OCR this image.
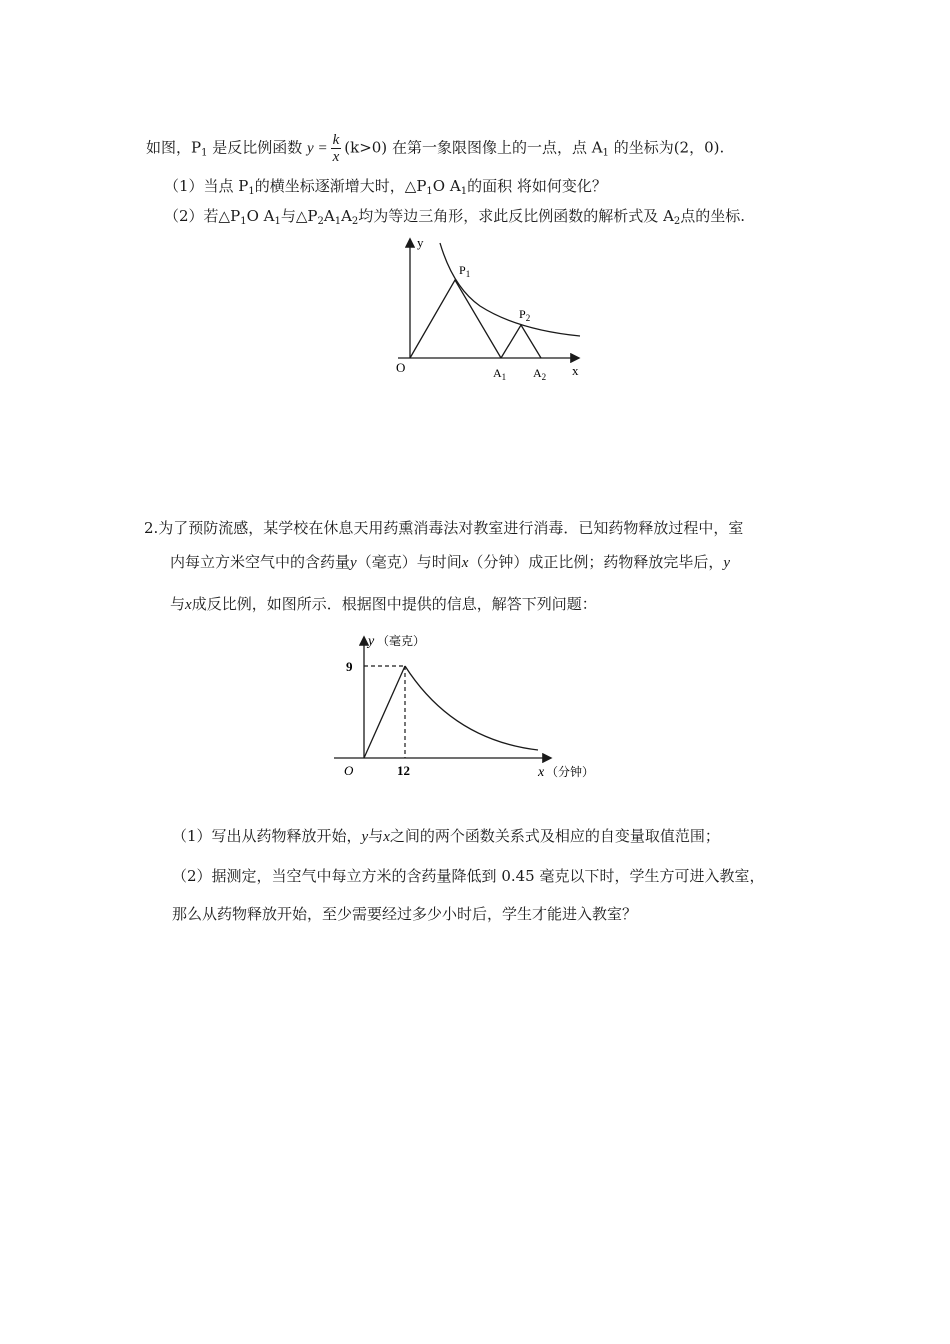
如图，$P_1$ 是反比例函数 $y = \frac{k}{x} (k>0)$ 在第一象限图像上的一点，点 $A_1$ 的坐标为(2，0).
（1）当点 $P_1$的横坐标逐渐增大时，$\triangle P_1O$ $A_1$的面积 将如何变化？
（2）若$\triangle P_1O$ $A_1$与$\triangle P_2A_1A_2$均为等边三角形，求此反比例函数的解析式及 $A_2$点的坐标.
y
x
O
$P_1$
$P_2$
$A_1$ $A_2$
2.为了预防流感，某学校在休息天用药熏消毒法对教室进行消毒．已知药物释放过程中，室
内每立方米空气中的含药量y（毫克）与时间x（分钟）成正比例；药物释放完毕后，y
与x成反比例，如图所示．根据图中提供的信息，解答下列问题：
y （毫克）
x （分钟）
O
9
12
（1）写出从药物释放开始，y与x之间的两个函数关系式及相应的自变量取值范围；
（2）据测定，当空气中每立方米的含药量降低到 0.45 毫克以下时，学生方可进入教室，
那么从药物释放开始，至少需要经过多少小时后，学生才能进入教室？
